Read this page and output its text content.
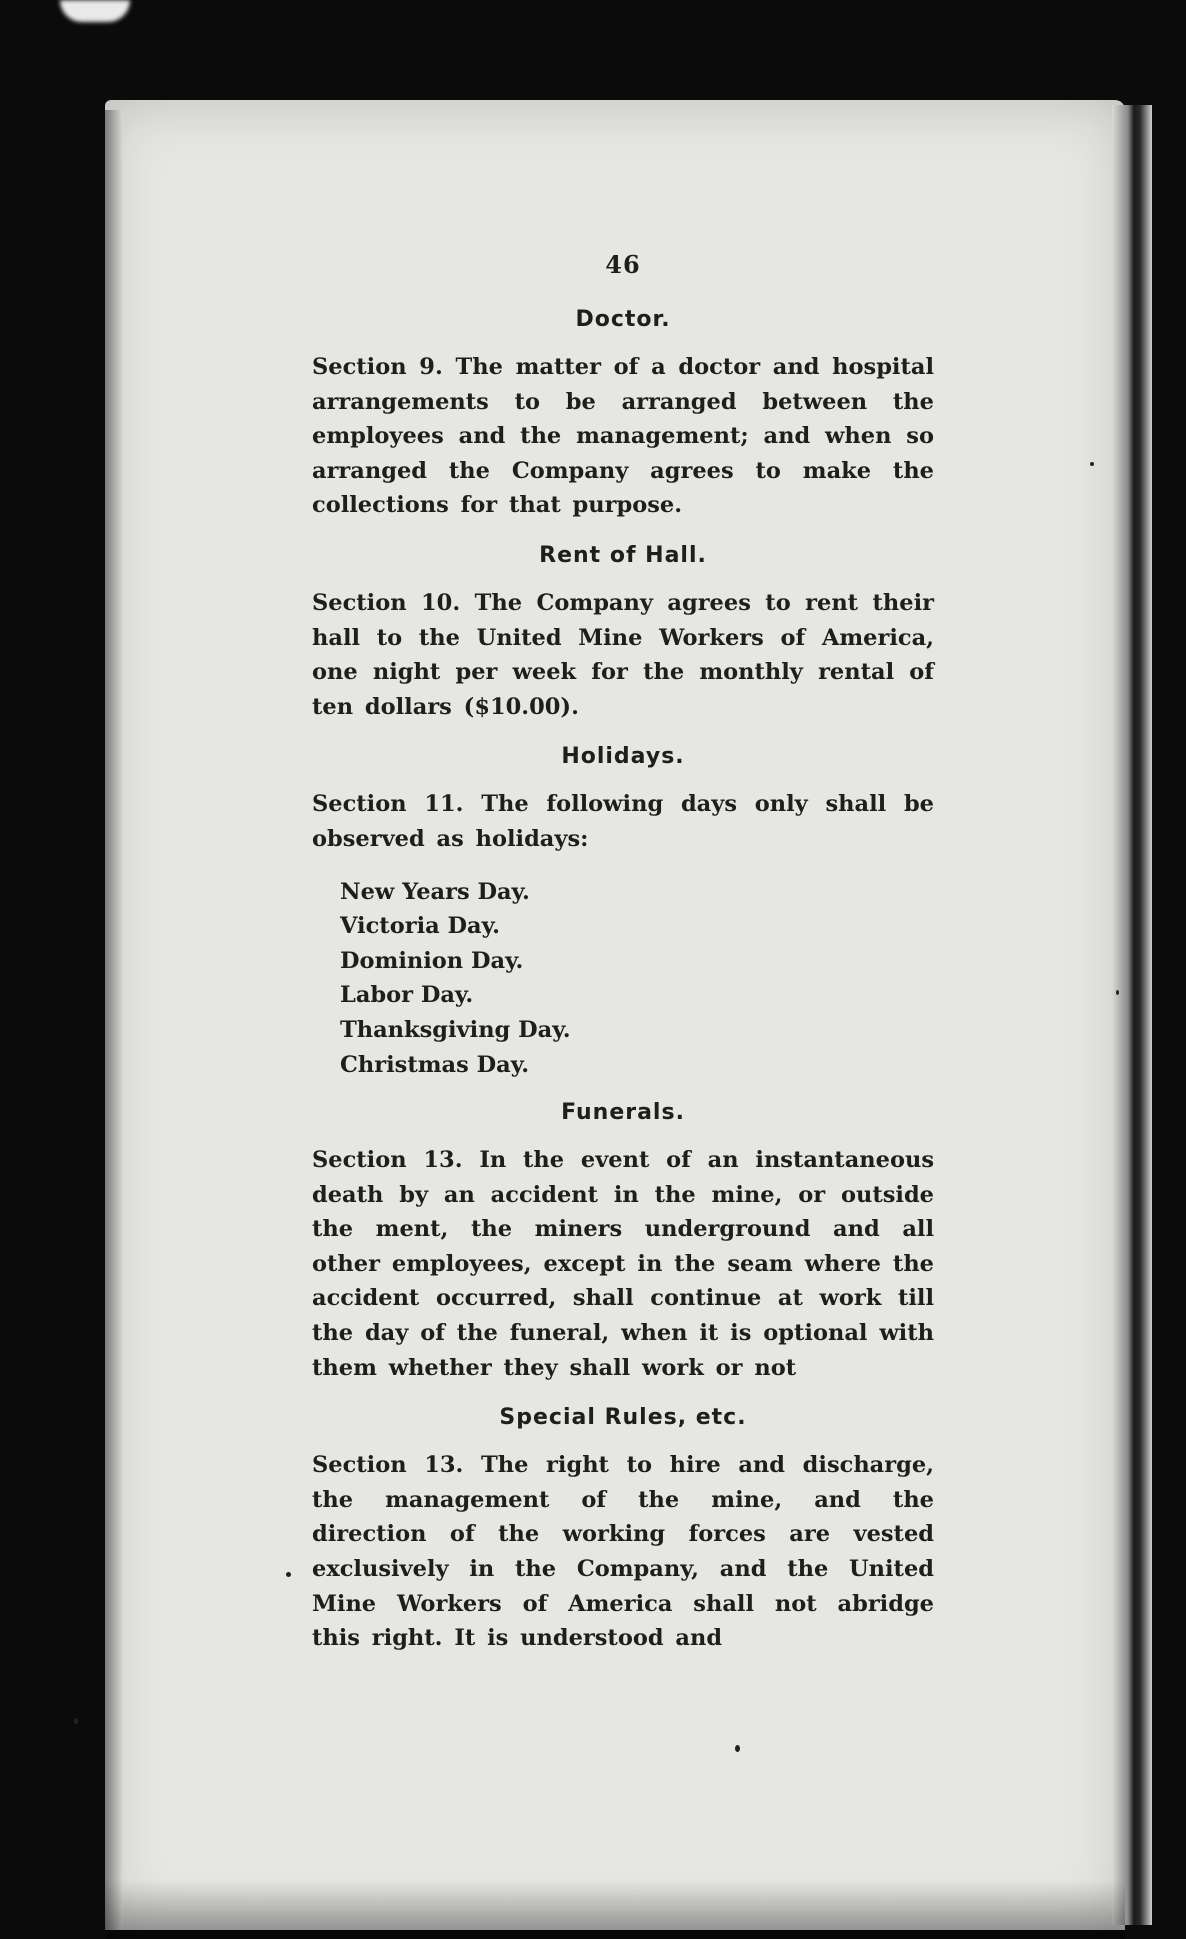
46
Doctor.

Section 9. The matter of a doctor and hospital arrangements to be arranged between the employees and the management; and when so arranged the Company agrees to make the collections for that purpose.

Rent of Hall.

Section 10. The Company agrees to rent their hall to the United Mine Workers of America, one night per week for the monthly rental of ten dollars ($10.00).

Holidays.

Section 11. The following days only shall be observed as holidays:

New Years Day.
Victoria Day.
Dominion Day.
Labor Day.
Thanksgiving Day.
Christmas Day.
Funerals.

Section 13. In the event of an instantaneous death by an accident in the mine, or outside the ment, the miners underground and all other employees, except in the seam where the accident occurred, shall continue at work till the day of the funeral, when it is optional with them whether they shall work or not

Special Rules, etc.

Section 13. The right to hire and discharge, the management of the mine, and the direction of the working forces are vested exclusively in the Company, and the United Mine Workers of America shall not abridge this right. It is understood and
